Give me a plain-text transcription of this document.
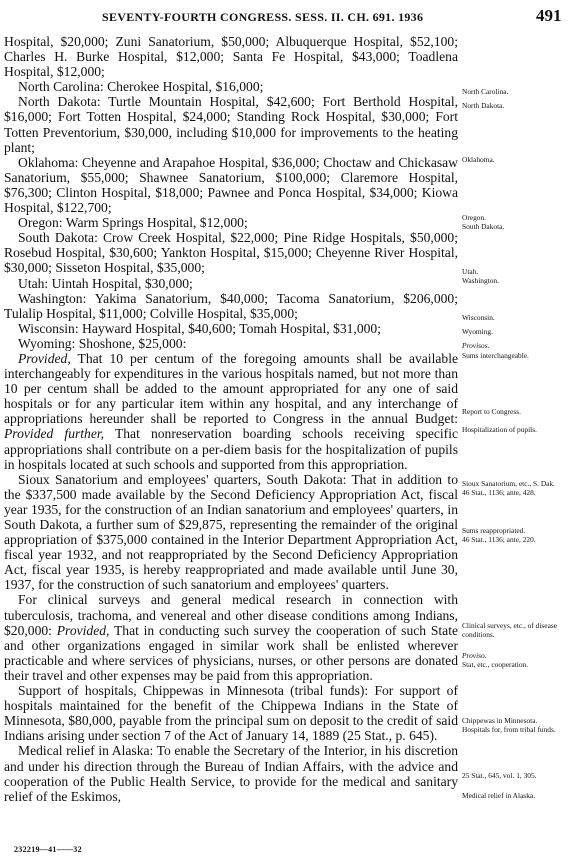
SEVENTY-FOURTH CONGRESS. SESS. II. CH. 691. 1936	491

Hospital, $20,000; Zuni Sanatorium, $50,000; Albuquerque Hospital, $52,100; Charles H. Burke Hospital, $12,000; Santa Fe Hospital, $43,000; Toadlena Hospital, $12,000;

North Carolina: Cherokee Hospital, $16,000;

North Dakota: Turtle Mountain Hospital, $42,600; Fort Berthold Hospital, $16,000; Fort Totten Hospital, $24,000; Standing Rock Hospital, $30,000; Fort Totten Preventorium, $30,000, including $10,000 for improvements to the heating plant;

Oklahoma: Cheyenne and Arapahoe Hospital, $36,000; Choctaw and Chickasaw Sanatorium, $55,000; Shawnee Sanatorium, $100,000; Claremore Hospital, $76,300; Clinton Hospital, $18,000; Pawnee and Ponca Hospital, $34,000; Kiowa Hospital, $122,700;

Oregon: Warm Springs Hospital, $12,000;

South Dakota: Crow Creek Hospital, $22,000; Pine Ridge Hospitals, $50,000; Rosebud Hospital, $30,600; Yankton Hospital, $15,000; Cheyenne River Hospital, $30,000; Sisseton Hospital, $35,000;

Utah: Uintah Hospital, $30,000;

Washington: Yakima Sanatorium, $40,000; Tacoma Sanatorium, $206,000; Tulalip Hospital, $11,000; Colville Hospital, $35,000;

Wisconsin: Hayward Hospital, $40,600; Tomah Hospital, $31,000;

Wyoming: Shoshone, $25,000:

Provided, That 10 per centum of the foregoing amounts shall be available interchangeably for expenditures in the various hospitals named, but not more than 10 per centum shall be added to the amount appropriated for any one of said hospitals or for any particular item within any hospital, and any interchange of appropriations hereunder shall be reported to Congress in the annual Budget: Provided further, That nonreservation boarding schools receiving specific appropriations shall contribute on a per-diem basis for the hospitalization of pupils in hospitals located at such schools and supported from this appropriation.

Sioux Sanatorium and employees' quarters, South Dakota: That in addition to the $337,500 made available by the Second Deficiency Appropriation Act, fiscal year 1935, for the construction of an Indian sanatorium and employees' quarters, in South Dakota, a further sum of $29,875, representing the remainder of the original appropriation of $375,000 contained in the Interior Department Appropriation Act, fiscal year 1932, and not reappropriated by the Second Deficiency Appropriation Act, fiscal year 1935, is hereby reappropriated and made available until June 30, 1937, for the construction of such sanatorium and employees' quarters.

For clinical surveys and general medical research in connection with tuberculosis, trachoma, and venereal and other disease conditions among Indians, $20,000: Provided, That in conducting such survey the cooperation of such State and other organizations engaged in similar work shall be enlisted wherever practicable and where services of physicians, nurses, or other persons are donated their travel and other expenses may be paid from this appropriation.

Support of hospitals, Chippewas in Minnesota (tribal funds): For support of hospitals maintained for the benefit of the Chippewa Indians in the State of Minnesota, $80,000, payable from the principal sum on deposit to the credit of said Indians arising under section 7 of the Act of January 14, 1889 (25 Stat., p. 645).

Medical relief in Alaska: To enable the Secretary of the Interior, in his discretion and under his direction through the Bureau of Indian Affairs, with the advice and cooperation of the Public Health Service, to provide for the medical and sanitary relief of the Eskimos,

North Carolina.
North Dakota.
Oklahoma.
Oregon.
South Dakota.
Utah.
Washington.
Wisconsin.
Wyoming.
Provisos.
Sums interchangeable.
Report to Congress.
Hospitalization of pupils.
Sioux Sanatorium, etc., S. Dak.
46 Stat., 1136; ante, 428.
Sums reappropriated.
46 Stat., 1136; ante, 220.
Clinical surveys, etc., of disease conditions.
Proviso.
Stat, etc., cooperation.
Chippewas in Minnesota.
Hospitals for, from tribal funds.
25 Stat., 645, vol. 1, 305.
Medical relief in Alaska.
232219—41——32
